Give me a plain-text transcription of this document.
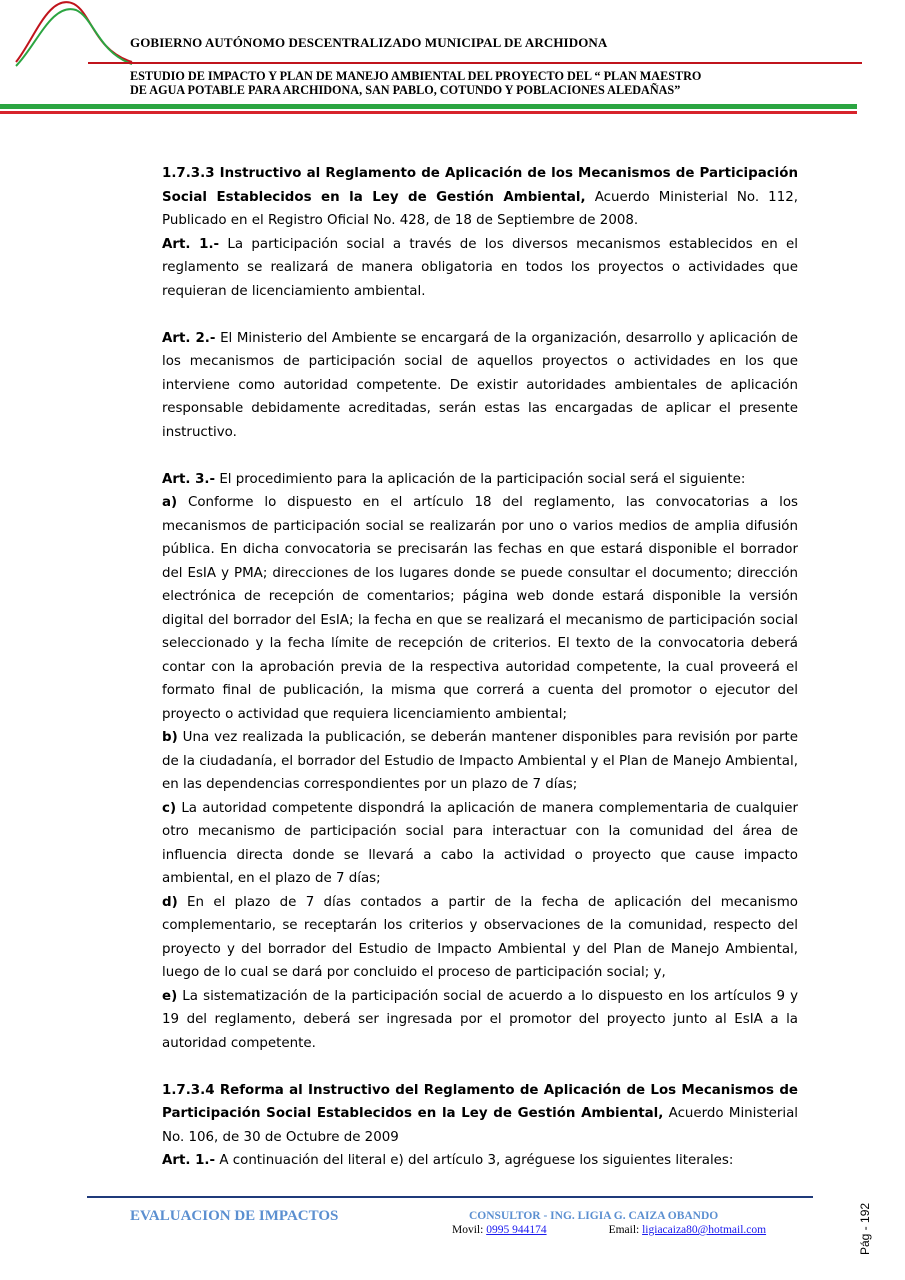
GOBIERNO AUTÓNOMO DESCENTRALIZADO MUNICIPAL DE ARCHIDONA
ESTUDIO DE IMPACTO Y PLAN DE MANEJO AMBIENTAL DEL PROYECTO DEL “ PLAN MAESTRO
DE AGUA POTABLE PARA ARCHIDONA, SAN PABLO, COTUNDO Y POBLACIONES ALEDAÑAS”

1.7.3.3 Instructivo al Reglamento de Aplicación de los Mecanismos de Participación Social Establecidos en la Ley de Gestión Ambiental, Acuerdo Ministerial No. 112, Publicado en el Registro Oficial No. 428, de 18 de Septiembre de 2008.

Art. 1.- La participación social a través de los diversos mecanismos establecidos en el reglamento se realizará de manera obligatoria en todos los proyectos o actividades que requieran de licenciamiento ambiental.

Art. 2.- El Ministerio del Ambiente se encargará de la organización, desarrollo y aplicación de los mecanismos de participación social de aquellos proyectos o actividades en los que interviene como autoridad competente. De existir autoridades ambientales de aplicación responsable debidamente acreditadas, serán estas las encargadas de aplicar el presente instructivo.

Art. 3.- El procedimiento para la aplicación de la participación social será el siguiente:

a) Conforme lo dispuesto en el artículo 18 del reglamento, las convocatorias a los mecanismos de participación social se realizarán por uno o varios medios de amplia difusión pública. En dicha convocatoria se precisarán las fechas en que estará disponible el borrador del EsIA y PMA; direcciones de los lugares donde se puede consultar el documento; dirección electrónica de recepción de comentarios; página web donde estará disponible la versión digital del borrador del EsIA; la fecha en que se realizará el mecanismo de participación social seleccionado y la fecha límite de recepción de criterios. El texto de la convocatoria deberá contar con la aprobación previa de la respectiva autoridad competente, la cual proveerá el formato final de publicación, la misma que correrá a cuenta del promotor o ejecutor del proyecto o actividad que requiera licenciamiento ambiental;

b) Una vez realizada la publicación, se deberán mantener disponibles para revisión por parte de la ciudadanía, el borrador del Estudio de Impacto Ambiental y el Plan de Manejo Ambiental, en las dependencias correspondientes por un plazo de 7 días;

c) La autoridad competente dispondrá la aplicación de manera complementaria de cualquier otro mecanismo de participación social para interactuar con la comunidad del área de influencia directa donde se llevará a cabo la actividad o proyecto que cause impacto ambiental, en el plazo de 7 días;

d) En el plazo de 7 días contados a partir de la fecha de aplicación del mecanismo complementario, se receptarán los criterios y observaciones de la comunidad, respecto del proyecto y del borrador del Estudio de Impacto Ambiental y del Plan de Manejo Ambiental, luego de lo cual se dará por concluido el proceso de participación social; y,

e) La sistematización de la participación social de acuerdo a lo dispuesto en los artículos 9 y 19 del reglamento, deberá ser ingresada por el promotor del proyecto junto al EsIA a la autoridad competente.

1.7.3.4 Reforma al Instructivo del Reglamento de Aplicación de Los Mecanismos de Participación Social Establecidos en la Ley de Gestión Ambiental, Acuerdo Ministerial No. 106, de 30 de Octubre de 2009

Art. 1.- A continuación del literal e) del artículo 3, agréguese los siguientes literales:

EVALUACION DE IMPACTOS	CONSULTOR - ING. LIGIA G. CAIZA OBANDO
Movil: 0995 944174	Email: ligiacaiza80@hotmail.com	Pág - 192
